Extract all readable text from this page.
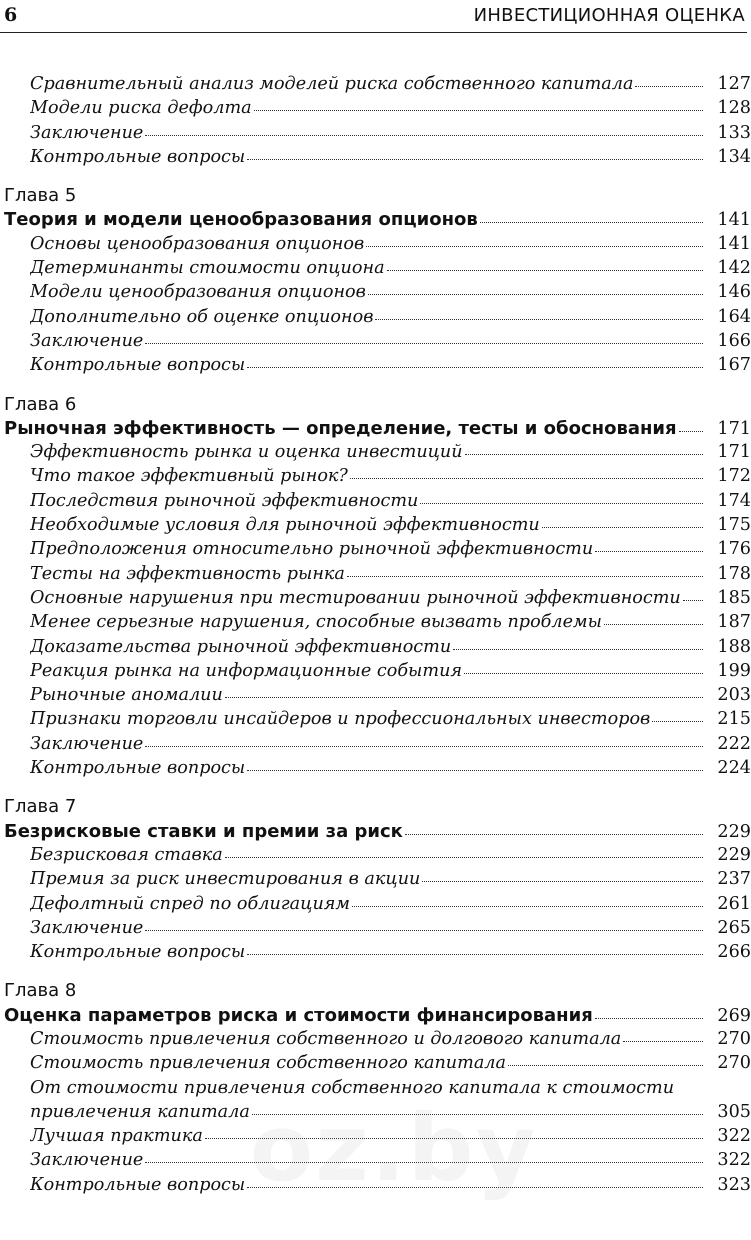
6	ИНВЕСТИЦИОННАЯ ОЦЕНКА
Сравнительный анализ моделей риска собственного капитала	127
Модели риска дефолта	128
Заключение	133
Контрольные вопросы	134
Глава 5
Теория и модели ценообразования опционов	141
Основы ценообразования опционов	141
Детерминанты стоимости опциона	142
Модели ценообразования опционов	146
Дополнительно об оценке опционов	164
Заключение	166
Контрольные вопросы	167
Глава 6
Рыночная эффективность — определение, тесты и обоснования	171
Эффективность рынка и оценка инвестиций	171
Что такое эффективный рынок?	172
Последствия рыночной эффективности	174
Необходимые условия для рыночной эффективности	175
Предположения относительно рыночной эффективности	176
Тесты на эффективность рынка	178
Основные нарушения при тестировании рыночной эффективности	185
Менее серьезные нарушения, способные вызвать проблемы	187
Доказательства рыночной эффективности	188
Реакция рынка на информационные события	199
Рыночные аномалии	203
Признаки торговли инсайдеров и профессиональных инвесторов	215
Заключение	222
Контрольные вопросы	224
Глава 7
Безрисковые ставки и премии за риск	229
Безрисковая ставка	229
Премия за риск инвестирования в акции	237
Дефолтный спред по облигациям	261
Заключение	265
Контрольные вопросы	266
Глава 8
Оценка параметров риска и стоимости финансирования	269
Стоимость привлечения собственного и долгового капитала	270
Стоимость привлечения собственного капитала	270
От стоимости привлечения собственного капитала к стоимости
привлечения капитала	305
Лучшая практика	322
Заключение	322
Контрольные вопросы	323
oz.by
